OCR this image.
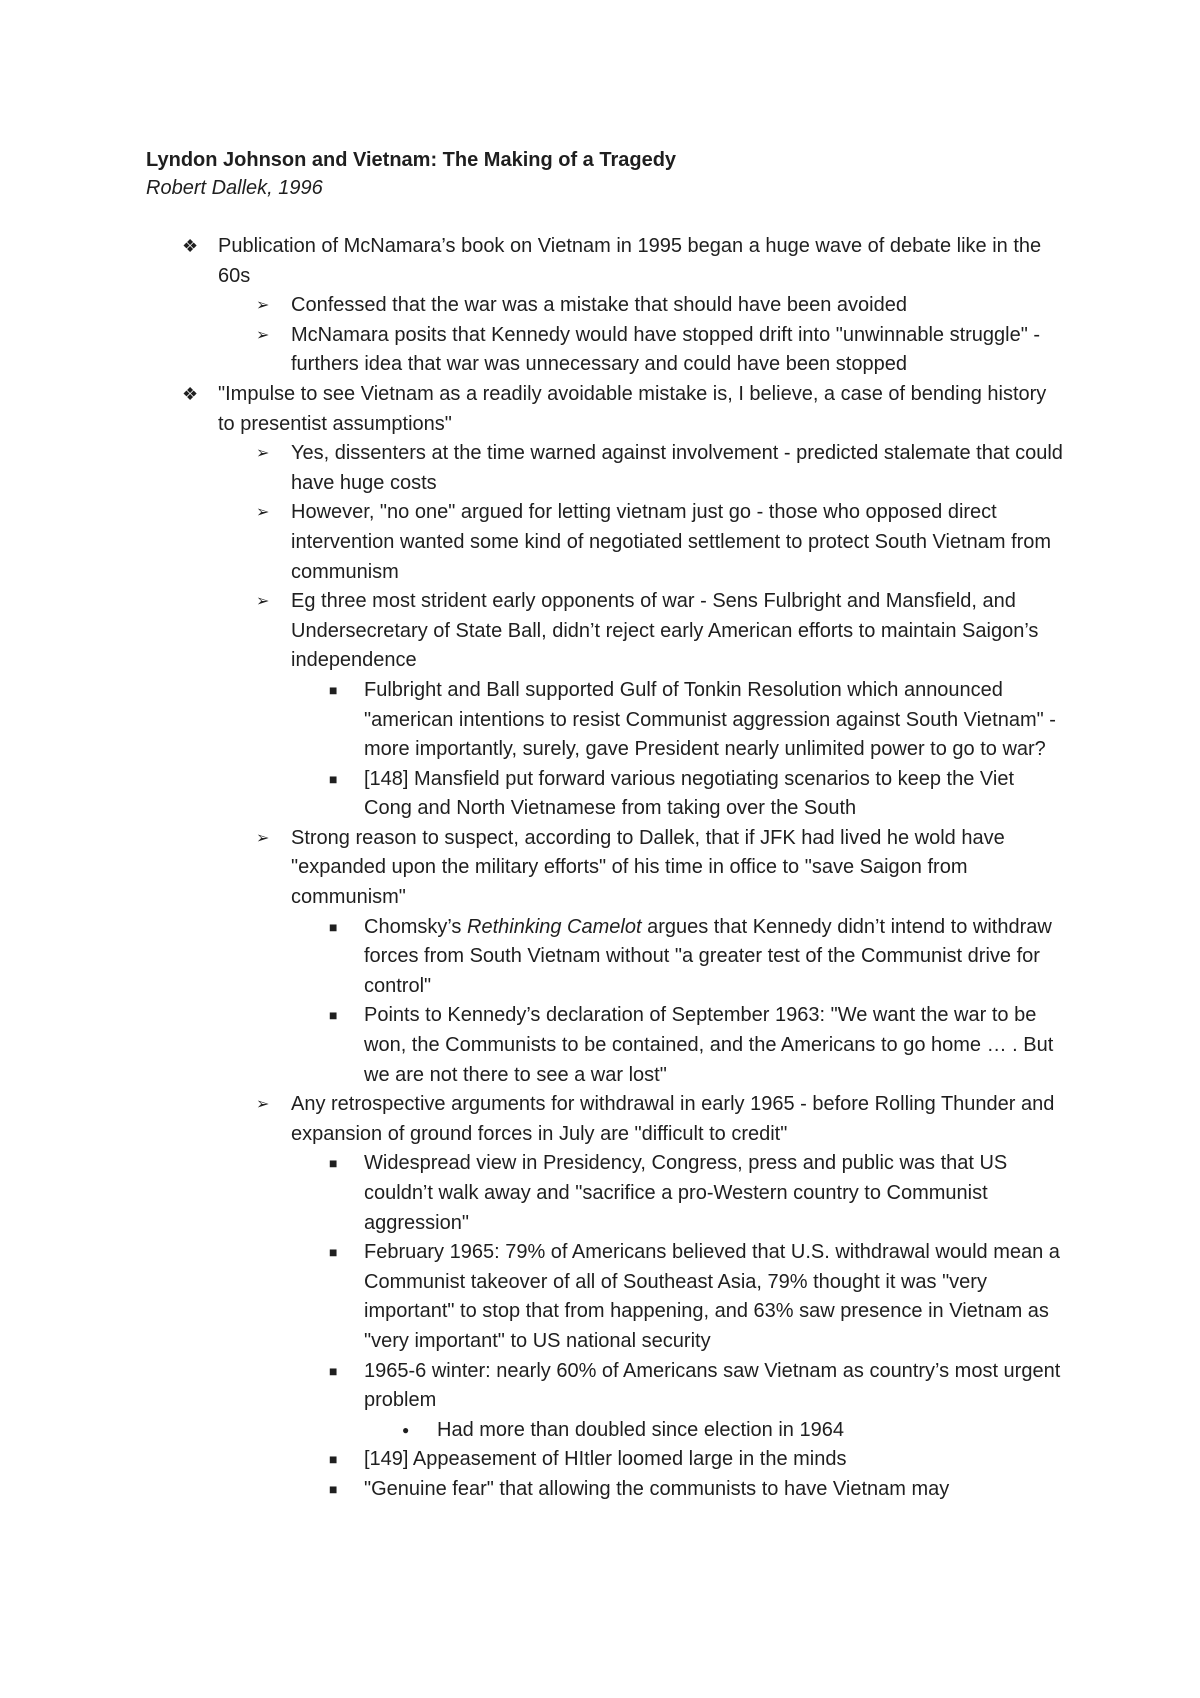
Lyndon Johnson and Vietnam: The Making of a Tragedy
Robert Dallek, 1996
❖ Publication of McNamara’s book on Vietnam in 1995 began a huge wave of debate like in the 60s
➢	Confessed that the war was a mistake that should have been avoided
➢	McNamara posits that Kennedy would have stopped drift into "unwinnable struggle" - furthers idea that war was unnecessary and could have been stopped
❖ "Impulse to see Vietnam as a readily avoidable mistake is, I believe, a case of bending history to presentist assumptions"
➢	Yes, dissenters at the time warned against involvement - predicted stalemate that could have huge costs
➢	However, "no one" argued for letting vietnam just go - those who opposed direct intervention wanted some kind of negotiated settlement to protect South Vietnam from communism
➢	Eg three most strident early opponents of war - Sens Fulbright and Mansfield, and Undersecretary of State Ball, didn’t reject early American efforts to maintain Saigon’s independence
■	Fulbright and Ball supported Gulf of Tonkin Resolution which announced "american intentions to resist Communist aggression against South Vietnam" - more importantly, surely, gave President nearly unlimited power to go to war?
■	[148] Mansfield put forward various negotiating scenarios to keep the Viet Cong and North Vietnamese from taking over the South
➢	Strong reason to suspect, according to Dallek, that if JFK had lived he wold have "expanded upon the military efforts" of his time in office to "save Saigon from communism"
■	Chomsky’s Rethinking Camelot argues that Kennedy didn’t intend to withdraw forces from South Vietnam without "a greater test of the Communist drive for control"
■	Points to Kennedy’s declaration of September 1963: "We want the war to be won, the Communists to be contained, and the Americans to go home … . But we are not there to see a war lost"
➢	Any retrospective arguments for withdrawal in early 1965 - before Rolling Thunder and expansion of ground forces in July are "difficult to credit"
■	Widespread view in Presidency, Congress, press and public was that US couldn’t walk away and "sacrifice a pro-Western country to Communist aggression"
■	February 1965: 79% of Americans believed that U.S. withdrawal would mean a Communist takeover of all of Southeast Asia, 79% thought it was "very important" to stop that from happening, and 63% saw presence in Vietnam as "very important" to US national security
■	1965-6 winter: nearly 60% of Americans saw Vietnam as country’s most urgent problem
●	Had more than doubled since election in 1964
■	[149] Appeasement of HItler loomed large in the minds
■	"Genuine fear" that allowing the communists to have Vietnam may
